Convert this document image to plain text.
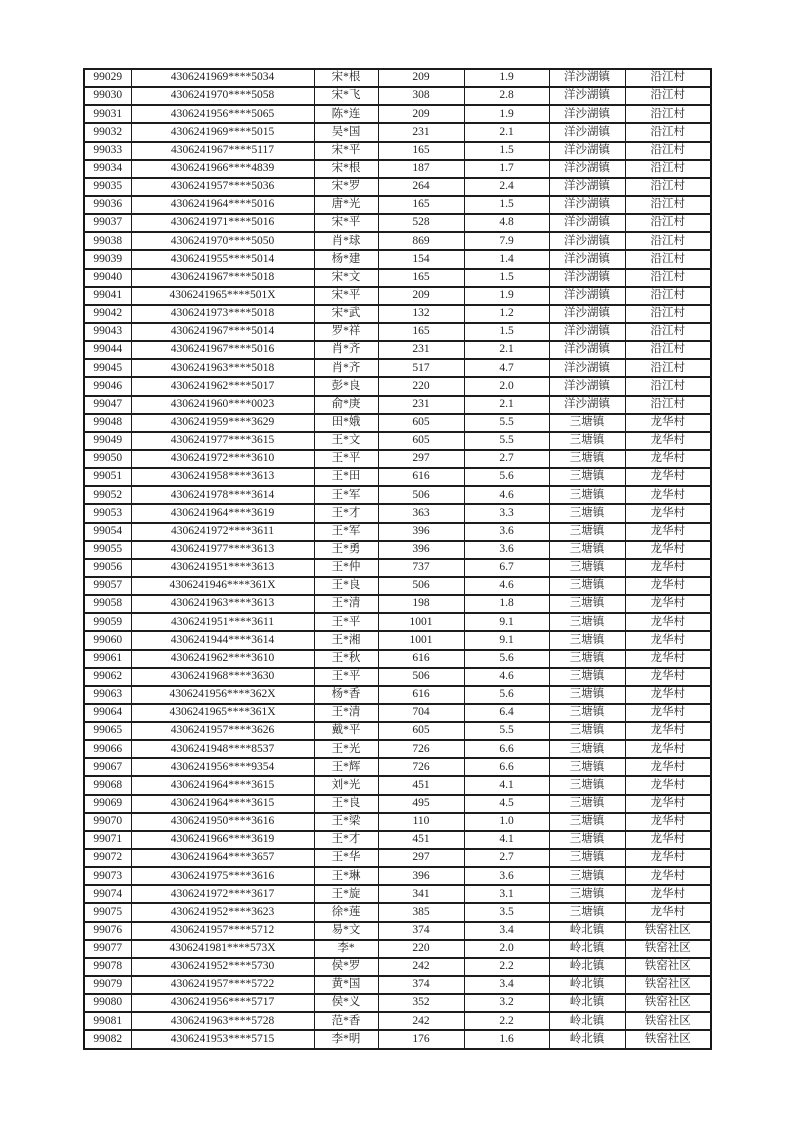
99029	4306241969****5034	宋*根	209	1.9	洋沙湖镇	沿江村
99030	4306241970****5058	宋*飞	308	2.8	洋沙湖镇	沿江村
99031	4306241956****5065	陈*连	209	1.9	洋沙湖镇	沿江村
99032	4306241969****5015	吴*国	231	2.1	洋沙湖镇	沿江村
99033	4306241967****5117	宋*平	165	1.5	洋沙湖镇	沿江村
99034	4306241966****4839	宋*根	187	1.7	洋沙湖镇	沿江村
99035	4306241957****5036	宋*罗	264	2.4	洋沙湖镇	沿江村
99036	4306241964****5016	唐*光	165	1.5	洋沙湖镇	沿江村
99037	4306241971****5016	宋*平	528	4.8	洋沙湖镇	沿江村
99038	4306241970****5050	肖*球	869	7.9	洋沙湖镇	沿江村
99039	4306241955****5014	杨*建	154	1.4	洋沙湖镇	沿江村
99040	4306241967****5018	宋*文	165	1.5	洋沙湖镇	沿江村
99041	4306241965****501X	宋*平	209	1.9	洋沙湖镇	沿江村
99042	4306241973****5018	宋*武	132	1.2	洋沙湖镇	沿江村
99043	4306241967****5014	罗*祥	165	1.5	洋沙湖镇	沿江村
99044	4306241967****5016	肖*齐	231	2.1	洋沙湖镇	沿江村
99045	4306241963****5018	肖*齐	517	4.7	洋沙湖镇	沿江村
99046	4306241962****5017	彭*良	220	2.0	洋沙湖镇	沿江村
99047	4306241960****0023	俞*庚	231	2.1	洋沙湖镇	沿江村
99048	4306241959****3629	田*娥	605	5.5	三塘镇	龙华村
99049	4306241977****3615	王*文	605	5.5	三塘镇	龙华村
99050	4306241972****3610	王*平	297	2.7	三塘镇	龙华村
99051	4306241958****3613	王*田	616	5.6	三塘镇	龙华村
99052	4306241978****3614	王*军	506	4.6	三塘镇	龙华村
99053	4306241964****3619	王*才	363	3.3	三塘镇	龙华村
99054	4306241972****3611	王*军	396	3.6	三塘镇	龙华村
99055	4306241977****3613	王*勇	396	3.6	三塘镇	龙华村
99056	4306241951****3613	王*仲	737	6.7	三塘镇	龙华村
99057	4306241946****361X	王*良	506	4.6	三塘镇	龙华村
99058	4306241963****3613	王*清	198	1.8	三塘镇	龙华村
99059	4306241951****3611	王*平	1001	9.1	三塘镇	龙华村
99060	4306241944****3614	王*湘	1001	9.1	三塘镇	龙华村
99061	4306241962****3610	王*秋	616	5.6	三塘镇	龙华村
99062	4306241968****3630	王*平	506	4.6	三塘镇	龙华村
99063	4306241956****362X	杨*香	616	5.6	三塘镇	龙华村
99064	4306241965****361X	王*清	704	6.4	三塘镇	龙华村
99065	4306241957****3626	戴*平	605	5.5	三塘镇	龙华村
99066	4306241948****8537	王*光	726	6.6	三塘镇	龙华村
99067	4306241956****9354	王*辉	726	6.6	三塘镇	龙华村
99068	4306241964****3615	刘*光	451	4.1	三塘镇	龙华村
99069	4306241964****3615	王*良	495	4.5	三塘镇	龙华村
99070	4306241950****3616	王*梁	110	1.0	三塘镇	龙华村
99071	4306241966****3619	王*才	451	4.1	三塘镇	龙华村
99072	4306241964****3657	王*华	297	2.7	三塘镇	龙华村
99073	4306241975****3616	王*琳	396	3.6	三塘镇	龙华村
99074	4306241972****3617	王*旋	341	3.1	三塘镇	龙华村
99075	4306241952****3623	徐*莲	385	3.5	三塘镇	龙华村
99076	4306241957****5712	易*文	374	3.4	岭北镇	铁窑社区
99077	4306241981****573X	李*	220	2.0	岭北镇	铁窑社区
99078	4306241952****5730	侯*罗	242	2.2	岭北镇	铁窑社区
99079	4306241957****5722	黄*国	374	3.4	岭北镇	铁窑社区
99080	4306241956****5717	侯*义	352	3.2	岭北镇	铁窑社区
99081	4306241963****5728	范*香	242	2.2	岭北镇	铁窑社区
99082	4306241953****5715	李*明	176	1.6	岭北镇	铁窑社区
